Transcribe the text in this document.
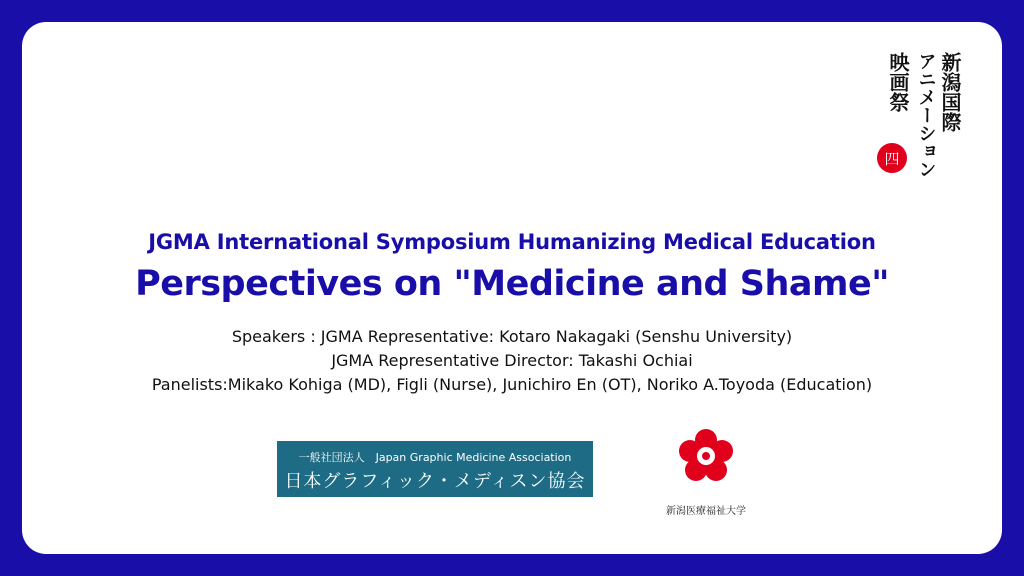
新潟国際
アニメーション
映画祭
四
JGMA International Symposium Humanizing Medical Education
Perspectives on "Medicine and Shame"
Speakers : JGMA Representative: Kotaro Nakagaki (Senshu University)
JGMA Representative Director: Takashi Ochiai
Panelists:Mikako Kohiga (MD), Figli (Nurse), Junichiro En (OT), Noriko A.Toyoda (Education)
一般社団法人　Japan Graphic Medicine Association
日本グラフィック・メディスン協会
新潟医療福祉大学
